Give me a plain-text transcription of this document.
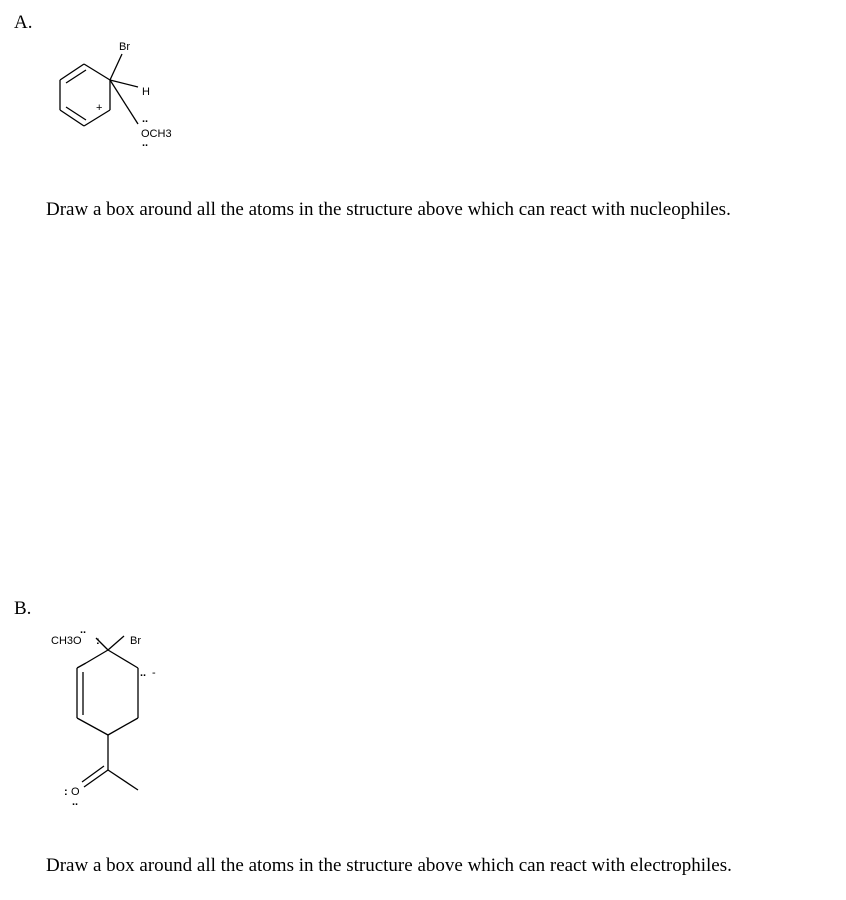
A.
Br
H
+
..
OCH3
..
Draw a box around all the atoms in the structure above which can react with nucleophiles.
B.
CH3O
..
:	Br
.. -
: O
..
Draw a box around all the atoms in the structure above which can react with electrophiles.
